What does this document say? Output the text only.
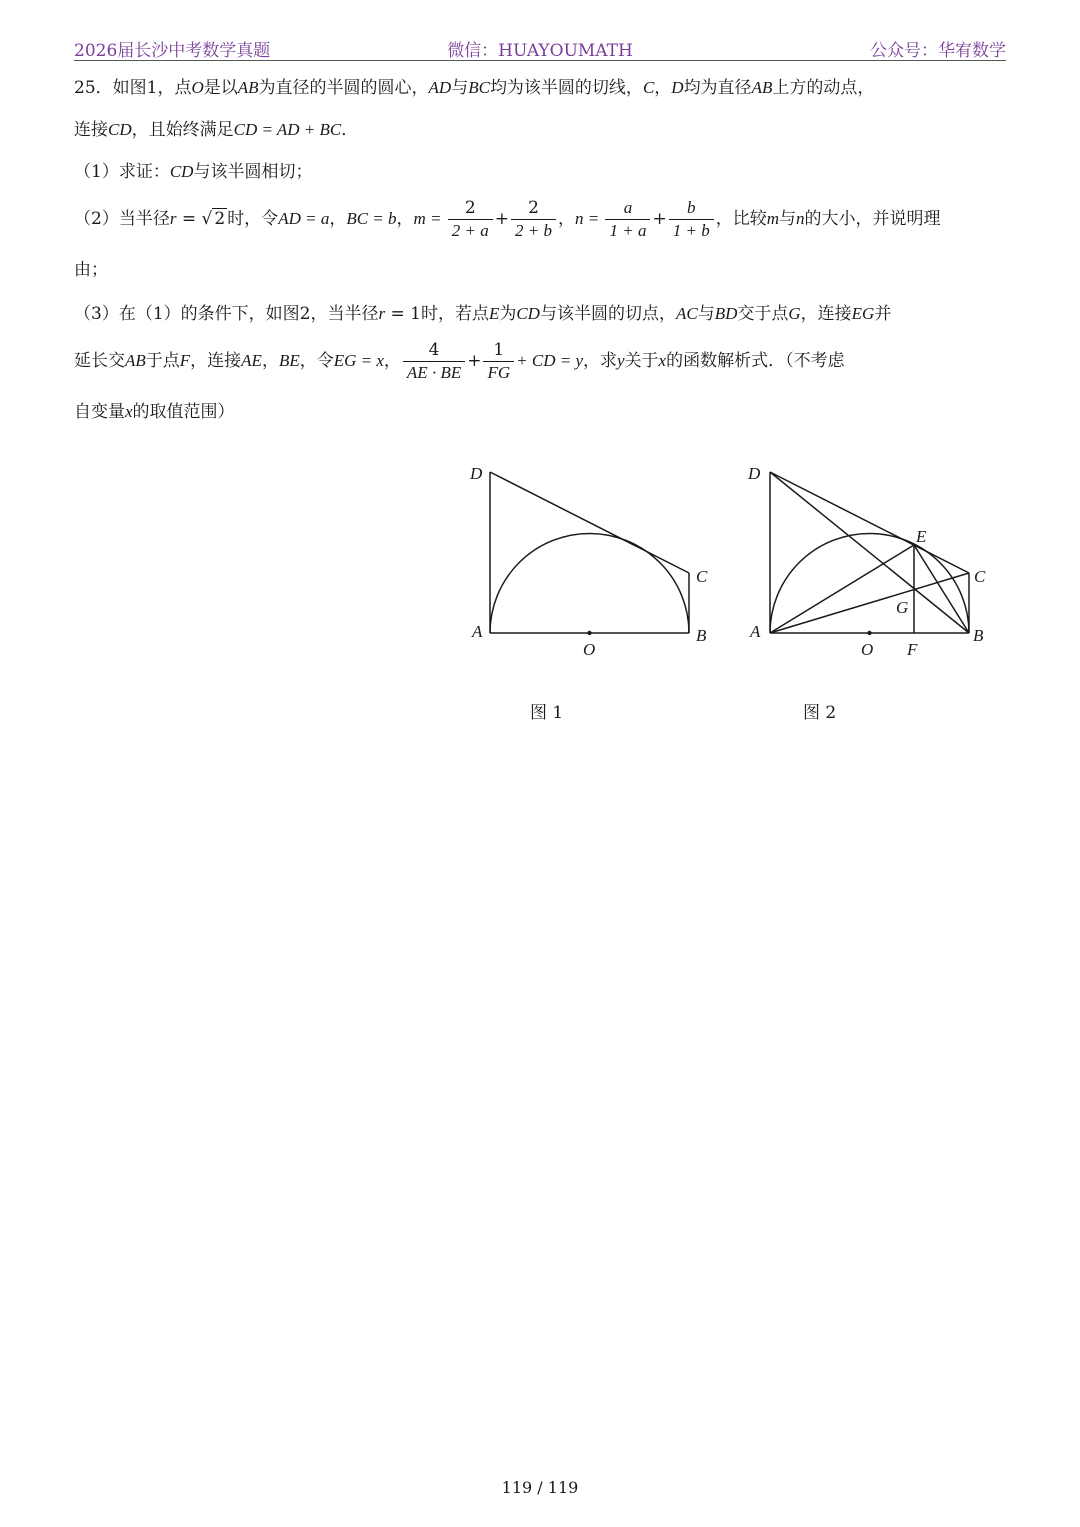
2026届长沙中考数学真题	微信：HUAYOUMATH	公众号：华宥数学
25．如图1，点O是以AB为直径的半圆的圆心，AD与BC均为该半圆的切线，C，D均为直径AB上方的动点，
连接CD，且始终满足CD = AD + BC．
（1）求证：CD与该半圆相切；
（2）当半径r = √ 2 时，令AD = a，BC = b，$m = \frac{2}{2 + a} + \frac{2}{2 + b}$ ，$n = \frac{a}{1 + a} + \frac{b}{1 + b}$ ，比较m与n的大小，并说明理
由；
（3）在（1）的条件下，如图2，当半径r = 1时，若点E为CD与该半圆的切点，AC与BD交于点G，连接EG并
延长交AB于点F，连接AE，BE，令EG = x， $\frac{4}{AE \cdot BE} + \frac{1}{FG}$ + CD = y，求y关于x的函数解析式．（不考虑
自变量x的取值范围）
D
C
A	B
O
图 1
D
E
C
G
A	B
O F
图 2
119 / 119
